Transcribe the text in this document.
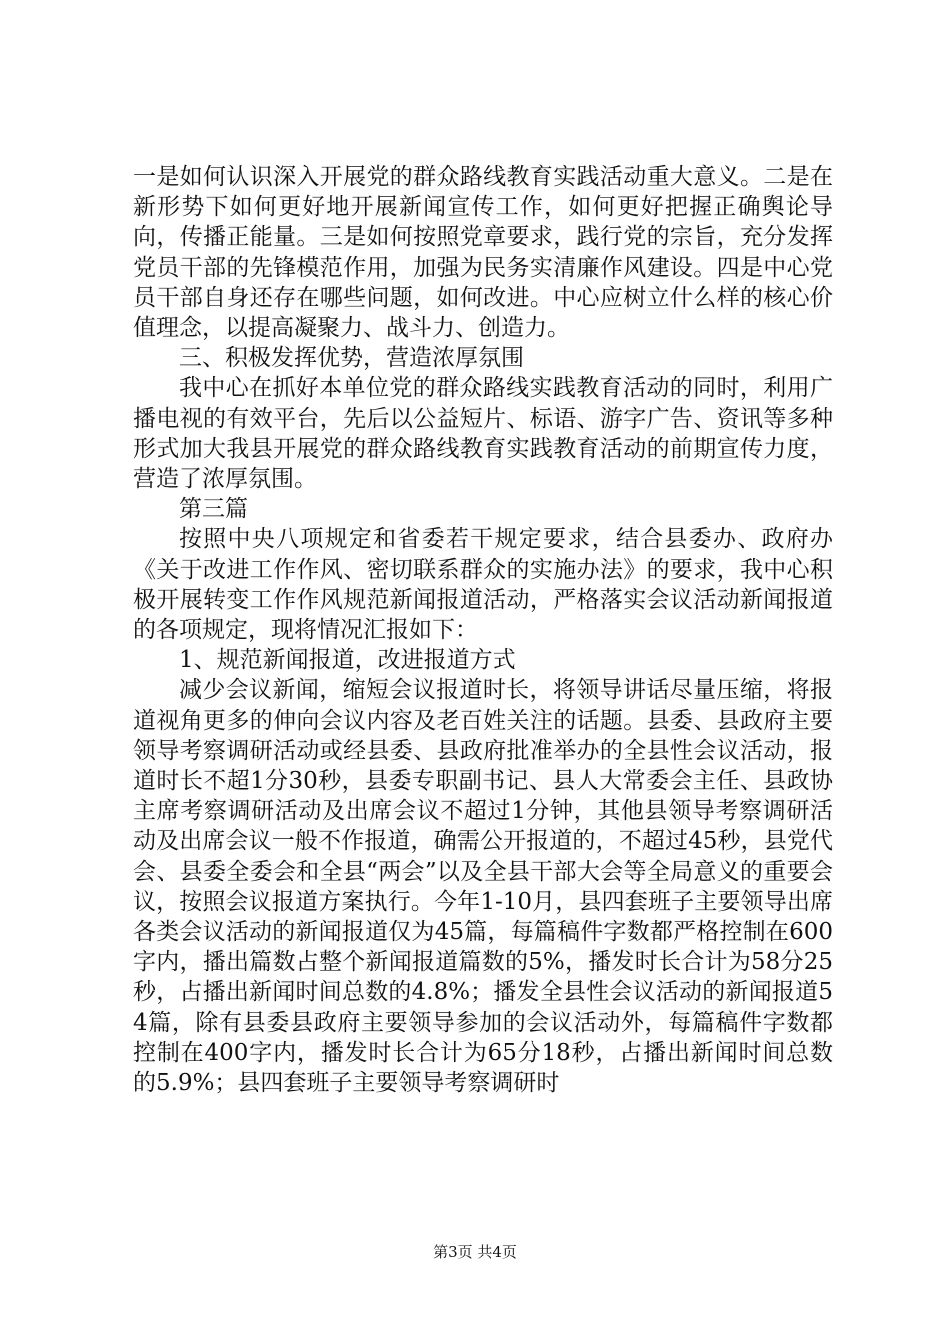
一是如何认识深入开展党的群众路线教育实践活动重大意义。二是在新形势下如何更好地开展新闻宣传工作，如何更好把握正确舆论导向，传播正能量。三是如何按照党章要求，践行党的宗旨，充分发挥党员干部的先锋模范作用，加强为民务实清廉作风建设。四是中心党员干部自身还存在哪些问题，如何改进。中心应树立什么样的核心价值理念，以提高凝聚力、战斗力、创造力。

三、积极发挥优势，营造浓厚氛围

我中心在抓好本单位党的群众路线实践教育活动的同时，利用广播电视的有效平台，先后以公益短片、标语、游字广告、资讯等多种形式加大我县开展党的群众路线教育实践教育活动的前期宣传力度，营造了浓厚氛围。

第三篇

按照中央八项规定和省委若干规定要求，结合县委办、政府办《关于改进工作作风、密切联系群众的实施办法》的要求，我中心积极开展转变工作作风规范新闻报道活动，严格落实会议活动新闻报道的各项规定，现将情况汇报如下：

1、规范新闻报道，改进报道方式

减少会议新闻，缩短会议报道时长，将领导讲话尽量压缩，将报道视角更多的伸向会议内容及老百姓关注的话题。县委、县政府主要领导考察调研活动或经县委、县政府批准举办的全县性会议活动，报道时长不超1分30秒，县委专职副书记、县人大常委会主任、县政协主席考察调研活动及出席会议不超过1分钟，其他县领导考察调研活动及出席会议一般不作报道，确需公开报道的，不超过45秒，县党代会、县委全委会和全县“两会”以及全县干部大会等全局意义的重要会议，按照会议报道方案执行。今年1-10月，县四套班子主要领导出席各类会议活动的新闻报道仅为45篇，每篇稿件字数都严格控制在600字内，播出篇数占整个新闻报道篇数的5%，播发时长合计为58分25秒，占播出新闻时间总数的4.8%；播发全县性会议活动的新闻报道54篇，除有县委县政府主要领导参加的会议活动外，每篇稿件字数都控制在400字内，播发时长合计为65分18秒，占播出新闻时间总数的5.9%；县四套班子主要领导考察调研时

第3页 共4页
